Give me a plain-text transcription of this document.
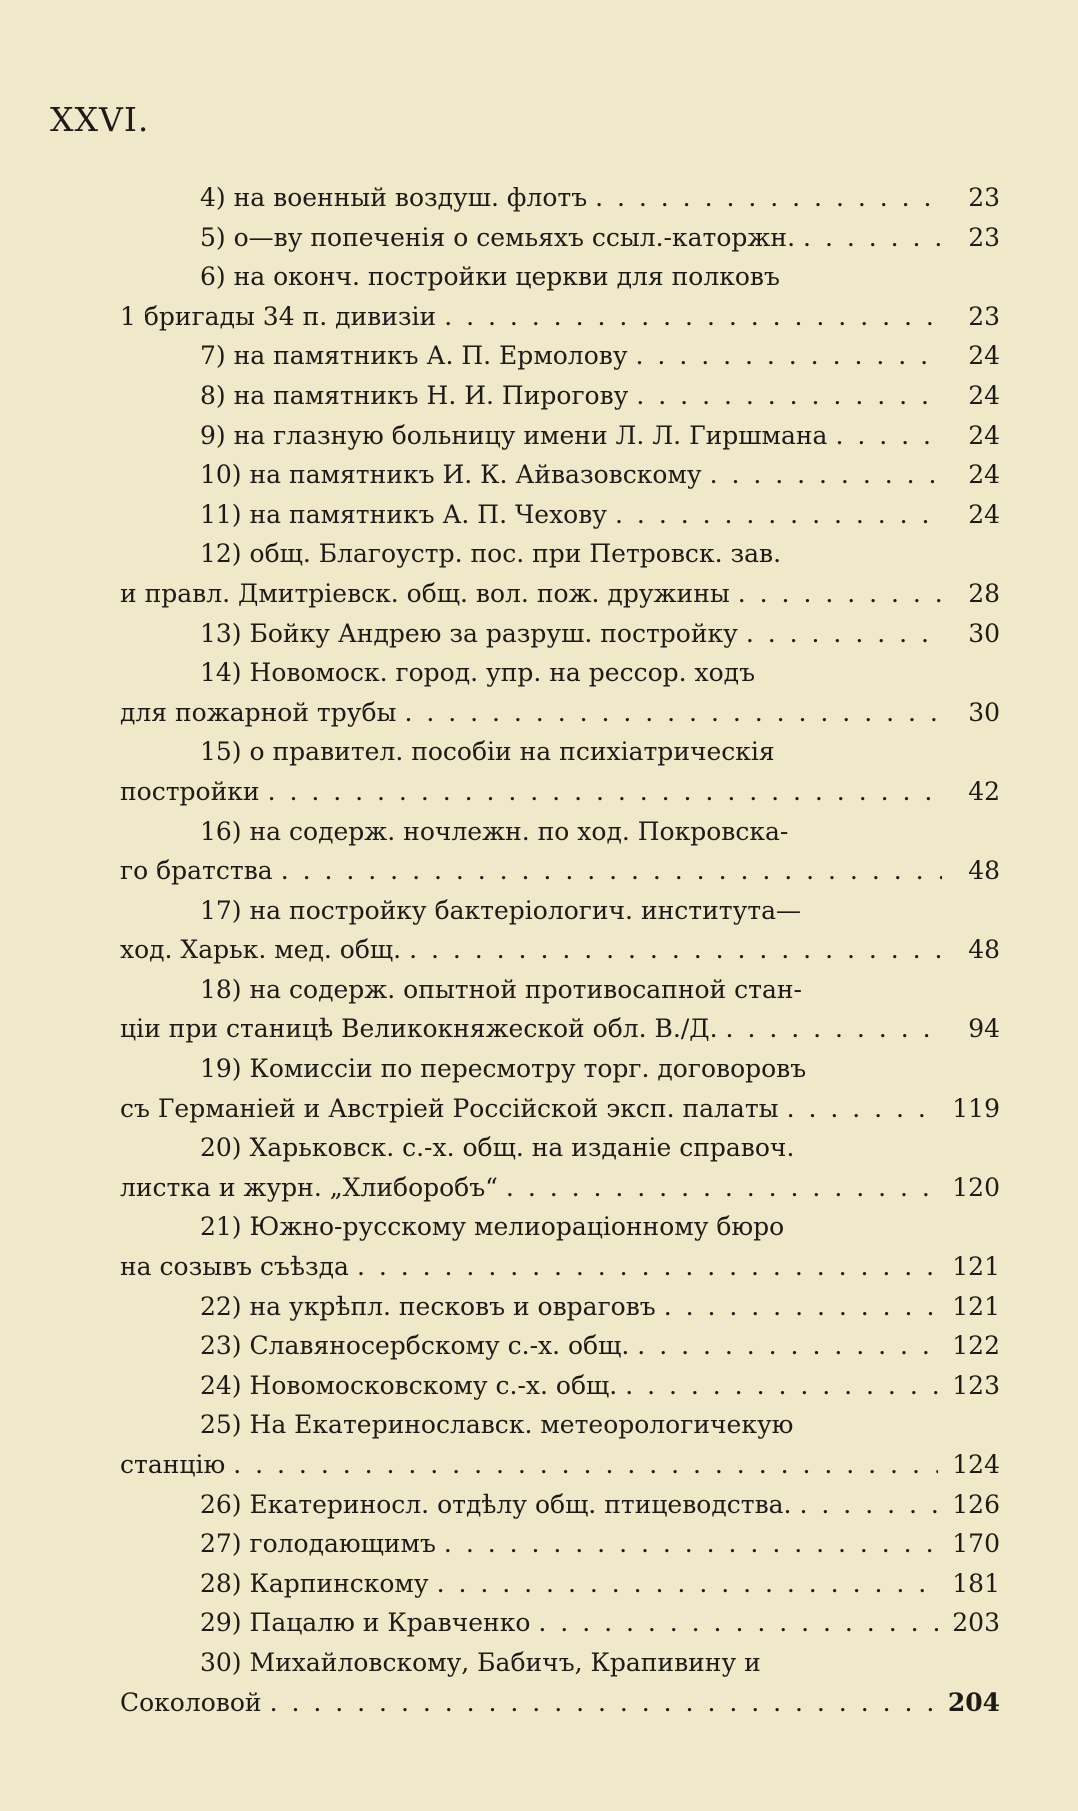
XXVI.
4) на военный воздуш. флотъ	23
. . .
5) о—ву попеченія о семьяхъ ссыл.-каторжн.	23
. . .
6) на оконч. постройки церкви для полковъ
1 бригады 34 п. дивизіи	23
. . .
7) на памятникъ А. П. Ермолову	24
. . .
8) на памятникъ Н. И. Пирогову	24
. . .
9) на глазную больницу имени Л. Л. Гиршмана	24
. . .
10) на памятникъ И. К. Айвазовскому	24
. . .
11) на памятникъ А. П. Чехову	24
. . .
12) общ. Благоустр. пос. при Петровск. зав.
и правл. Дмитріевск. общ. вол. пож. дружины	28
. . .
13) Бойку Андрею за разруш. постройку	30
. . .
14) Новомоск. город. упр. на рессор. ходъ
для пожарной трубы	30
. . .
15) о правител. пособіи на психіатрическія
постройки	42
. . .
16) на содерж. ночлежн. по ход. Покровска-
го братства	48
. . .
17) на постройку бактеріологич. института—
ход. Харьк. мед. общ.	48
. . .
18) на содерж. опытной противосапной стан-
ціи при станицѣ Великокняжеской обл. В./Д.	94
. . .
19) Комиссіи по пересмотру торг. договоровъ
съ Германіей и Австріей Россійской эксп. палаты	119
. . .
20) Харьковск. с.-х. общ. на изданіе справоч.
листка и журн. „Хлиборобъ“	120
. . .
21) Южно-русскому мелиораціонному бюро
на созывъ съѣзда	121
. . .
22) на укрѣпл. песковъ и овраговъ	121
. . .
23) Славяносербскому с.-х. общ.	122
. . .
24) Новомосковскому с.-х. общ.	123
. . .
25) На Екатеринославск. метеорологичекую
станцію	124
. . .
26) Екатериносл. отдѣлу общ. птицеводства.	126
. . .
27) голодающимъ	170
. . .
28) Карпинскому	181
. . .
29) Пацалю и Кравченко	203
. . .
30) Михайловскому, Бабичъ, Крапивину и
Соколовой	204
. . .
